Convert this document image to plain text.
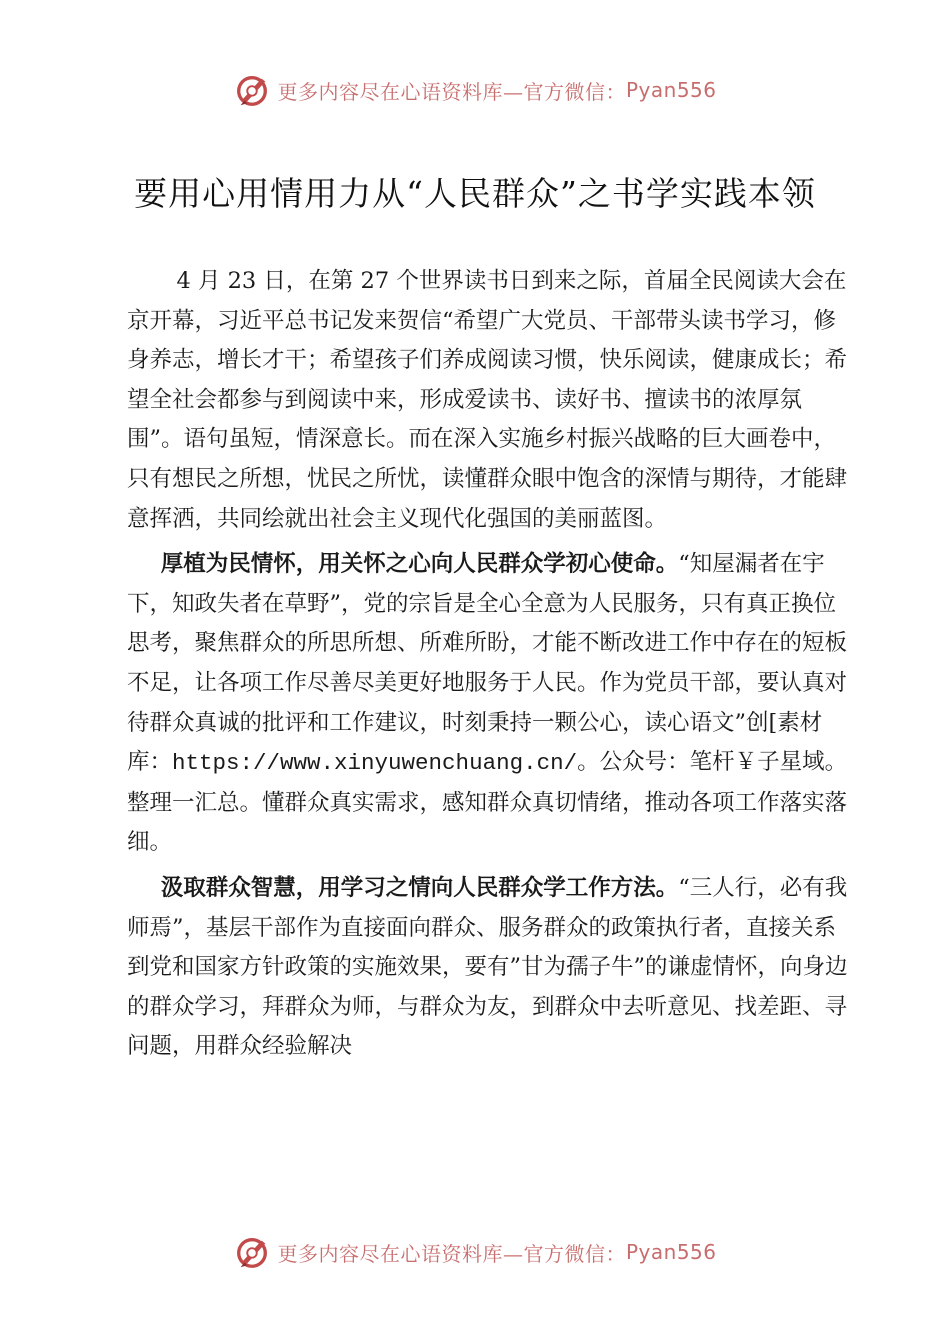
更多内容尽在心语资料库—官方微信： Pyan556
要用心用情用力从“人民群众”之书学实践本领

4 月 23 日，在第 27 个世界读书日到来之际，首届全民阅读大会在京开幕，习近平总书记发来贺信“希望广大党员、干部带头读书学习，修身养志，增长才干；希望孩子们养成阅读习惯，快乐阅读，健康成长；希望全社会都参与到阅读中来，形成爱读书、读好书、擅读书的浓厚氛围”。语句虽短，情深意长。而在深入实施乡村振兴战略的巨大画卷中，只有想民之所想，忧民之所忧，读懂群众眼中饱含的深情与期待，才能肆意挥洒，共同绘就出社会主义现代化强国的美丽蓝图。

厚植为民情怀，用关怀之心向人民群众学初心使命。“知屋漏者在宇下，知政失者在草野”，党的宗旨是全心全意为人民服务，只有真正换位思考，聚焦群众的所思所想、所难所盼，才能不断改进工作中存在的短板不足，让各项工作尽善尽美更好地服务于人民。作为党员干部，要认真对待群众真诚的批评和工作建议，时刻秉持一颗公心，读心语文”创[素材库：https://www.xinyuwenchuang.cn/。公众号：笔杆￥子星域。整理一汇总。懂群众真实需求，感知群众真切情绪，推动各项工作落实落细。

汲取群众智慧，用学习之情向人民群众学工作方法。“三人行，必有我师焉”，基层干部作为直接面向群众、服务群众的政策执行者，直接关系到党和国家方针政策的实施效果，要有”甘为孺子牛”的谦虚情怀，向身边的群众学习，拜群众为师，与群众为友，到群众中去听意见、找差距、寻问题，用群众经验解决

更多内容尽在心语资料库—官方微信： Pyan556
